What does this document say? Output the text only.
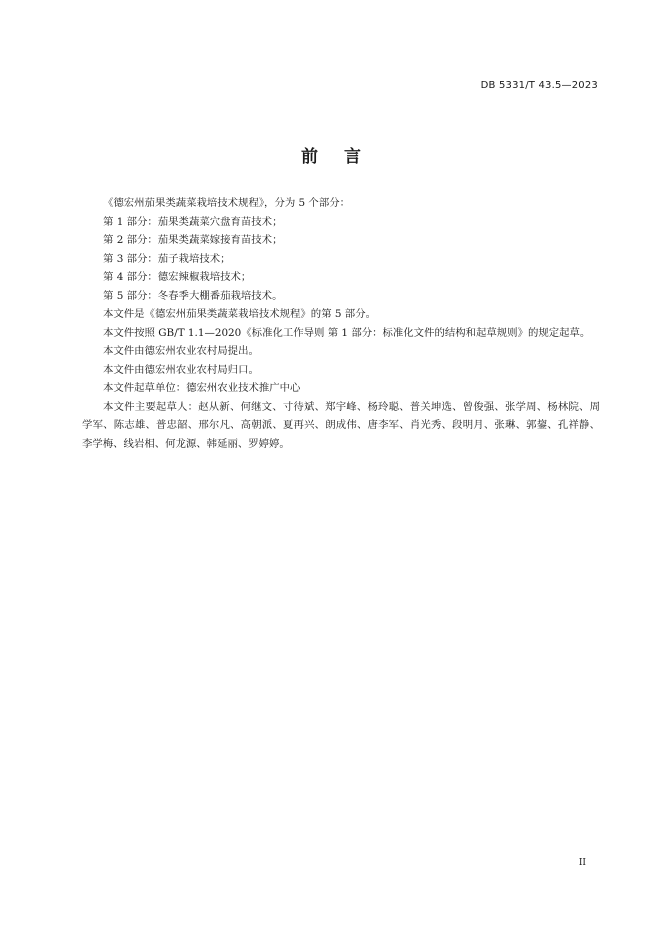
DB 5331/T 43.5—2023
前言

《德宏州茄果类蔬菜栽培技术规程》，分为 5 个部分：

第 1 部分：茄果类蔬菜穴盘育苗技术；

第 2 部分：茄果类蔬菜嫁接育苗技术；

第 3 部分：茄子栽培技术；

第 4 部分：德宏辣椒栽培技术；

第 5 部分：冬春季大棚番茄栽培技术。

本文件是《德宏州茄果类蔬菜栽培技术规程》的第 5 部分。

本文件按照 GB/T 1.1—2020《标准化工作导则 第 1 部分：标准化文件的结构和起草规则》的规定起草。

本文件由德宏州农业农村局提出。

本文件由德宏州农业农村局归口。

本文件起草单位：德宏州农业技术推广中心

本文件主要起草人：赵从新、何继文、寸待斌、郑宇峰、杨玲聪、普关坤选、曾俊强、张学周、杨林院、周学军、陈志雄、普忠韶、邢尔凡、高朝派、夏再兴、朗成伟、唐李军、肖光秀、段明月、张琳、郭鋆、孔祥静、李学梅、线岩相、何龙源、韩延丽、罗婷婷。

II
